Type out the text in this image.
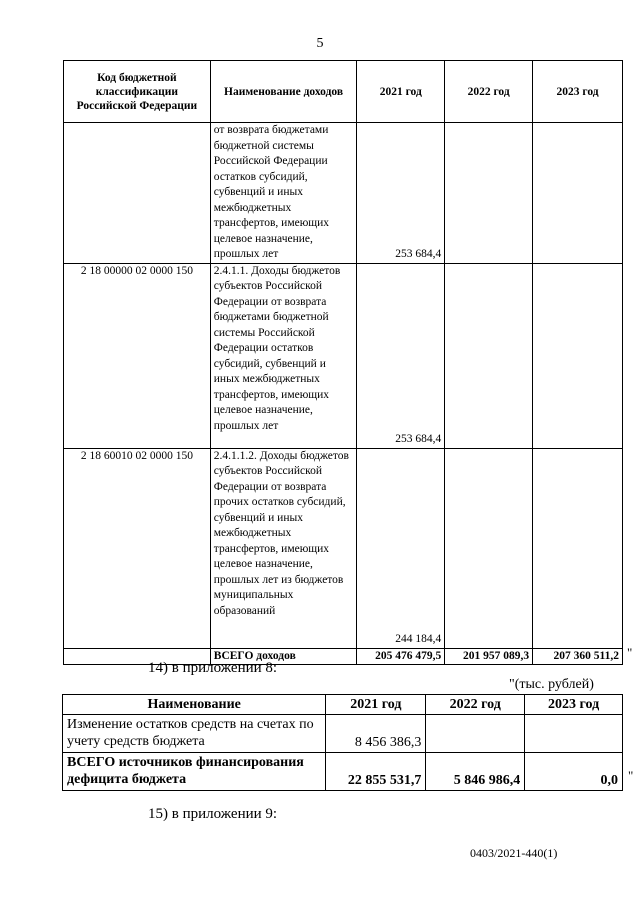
5
Код бюджетной классификации Российской Федерации	Наименование доходов	2021 год	2022 год	2023 год
	от возврата бюджетами бюджетной системы Российской Федерации остатков субсидий, субвенций и иных межбюджетных трансфертов, имеющих целевое назначение, прошлых лет	253 684,4		
2 18 00000 02 0000 150	2.4.1.1. Доходы бюджетов субъектов Российской Федерации от возврата бюджетами бюджетной системы Российской Федерации остатков субсидий, субвенций и иных межбюджетных трансфертов, имеющих целевое назначение, прошлых лет	253 684,4		
2 18 60010 02 0000 150	2.4.1.1.2. Доходы бюджетов субъектов Российской Федерации от возврата прочих остатков субсидий, субвенций и иных межбюджетных трансфертов, имеющих целевое назначение, прошлых лет из бюджетов муниципальных образований	244 184,4		
	ВСЕГО доходов	205 476 479,5	201 957 089,3	207 360 511,2 "
14) в приложении 8:
"(тыс. рублей)
Наименование	2021 год	2022 год	2023 год
Изменение остатков средств на счетах по учету средств бюджета	8 456 386,3		
ВСЕГО источников финансирования дефицита бюджета	22 855 531,7	5 846 986,4	0,0 "
15) в приложении 9:
0403/2021-440(1)
